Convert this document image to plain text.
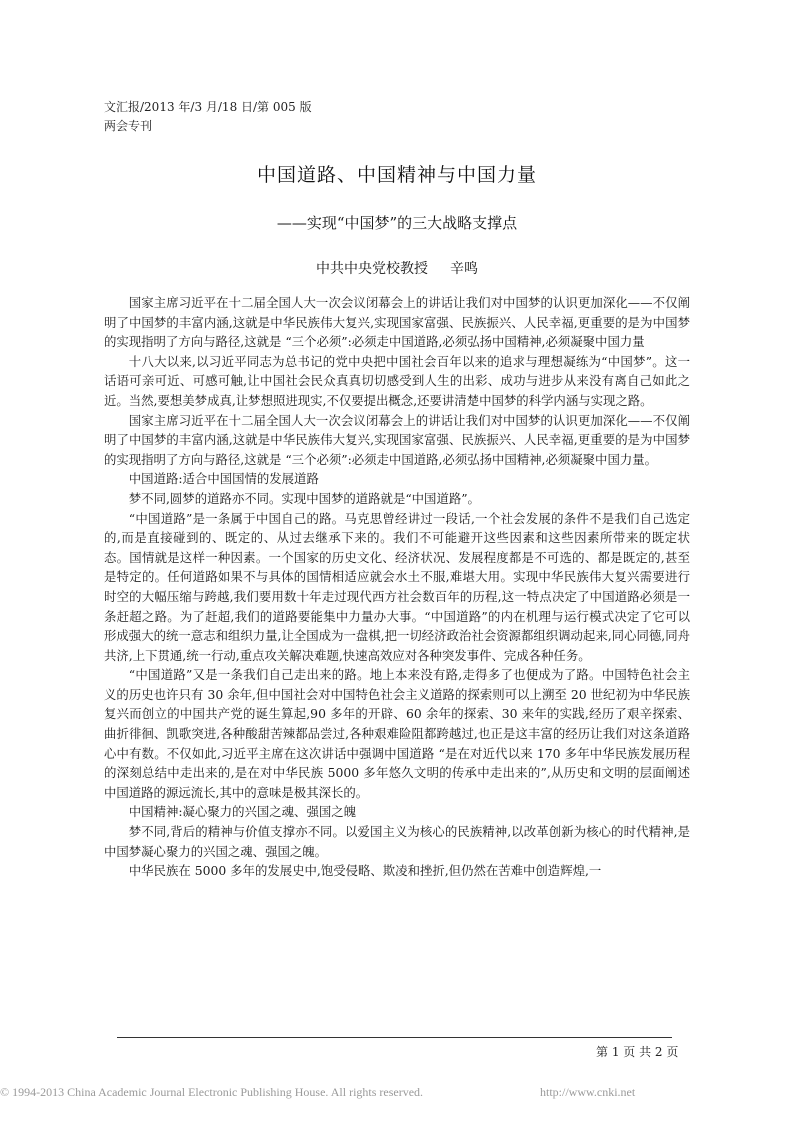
文汇报/2013 年/3 月/18 日/第 005 版
两会专刊
中国道路、中国精神与中国力量
——实现“中国梦”的三大战略支撑点
中共中央党校教授 辛鸣

国家主席习近平在十二届全国人大一次会议闭幕会上的讲话让我们对中国梦的认识更加深化——不仅阐明了中国梦的丰富内涵,这就是中华民族伟大复兴,实现国家富强、民族振兴、人民幸福,更重要的是为中国梦的实现指明了方向与路径,这就是 “三个必须”:必须走中国道路,必须弘扬中国精神,必须凝聚中国力量

十八大以来,以习近平同志为总书记的党中央把中国社会百年以来的追求与理想凝练为“中国梦”。这一话语可亲可近、可感可触,让中国社会民众真真切切感受到人生的出彩、成功与进步从来没有离自己如此之近。当然,要想美梦成真,让梦想照进现实,不仅要提出概念,还要讲清楚中国梦的科学内涵与实现之路。

国家主席习近平在十二届全国人大一次会议闭幕会上的讲话让我们对中国梦的认识更加深化——不仅阐明了中国梦的丰富内涵,这就是中华民族伟大复兴,实现国家富强、民族振兴、人民幸福,更重要的是为中国梦的实现指明了方向与路径,这就是 “三个必须”:必须走中国道路,必须弘扬中国精神,必须凝聚中国力量。

中国道路:适合中国国情的发展道路

梦不同,圆梦的道路亦不同。实现中国梦的道路就是“中国道路”。

“中国道路”是一条属于中国自己的路。马克思曾经讲过一段话,一个社会发展的条件不是我们自己选定的,而是直接碰到的、既定的、从过去继承下来的。我们不可能避开这些因素和这些因素所带来的既定状态。国情就是这样一种因素。一个国家的历史文化、经济状况、发展程度都是不可选的、都是既定的,甚至是特定的。任何道路如果不与具体的国情相适应就会水土不服,难堪大用。实现中华民族伟大复兴需要进行时空的大幅压缩与跨越,我们要用数十年走过现代西方社会数百年的历程,这一特点决定了中国道路必须是一条赶超之路。为了赶超,我们的道路要能集中力量办大事。“中国道路”的内在机理与运行模式决定了它可以形成强大的统一意志和组织力量,让全国成为一盘棋,把一切经济政治社会资源都组织调动起来,同心同德,同舟共济,上下贯通,统一行动,重点攻关解决难题,快速高效应对各种突发事件、完成各种任务。

“中国道路”又是一条我们自己走出来的路。地上本来没有路,走得多了也便成为了路。中国特色社会主义的历史也许只有 30 余年,但中国社会对中国特色社会主义道路的探索则可以上溯至 20 世纪初为中华民族复兴而创立的中国共产党的诞生算起,90 多年的开辟、60 余年的探索、30 来年的实践,经历了艰辛探索、曲折徘徊、凯歌突进,各种酸甜苦辣都品尝过,各种艰难险阻都跨越过,也正是这丰富的经历让我们对这条道路心中有数。不仅如此,习近平主席在这次讲话中强调中国道路 “是在对近代以来 170 多年中华民族发展历程的深刻总结中走出来的,是在对中华民族 5000 多年悠久文明的传承中走出来的”,从历史和文明的层面阐述中国道路的源远流长,其中的意味是极其深长的。

中国精神:凝心聚力的兴国之魂、强国之魄

梦不同,背后的精神与价值支撑亦不同。以爱国主义为核心的民族精神,以改革创新为核心的时代精神,是中国梦凝心聚力的兴国之魂、强国之魄。

中华民族在 5000 多年的发展史中,饱受侵略、欺凌和挫折,但仍然在苦难中创造辉煌,一

第 1 页 共 2 页
© 1994-2013 China Academic Journal Electronic Publishing House. All rights reserved.	http://www.cnki.net
